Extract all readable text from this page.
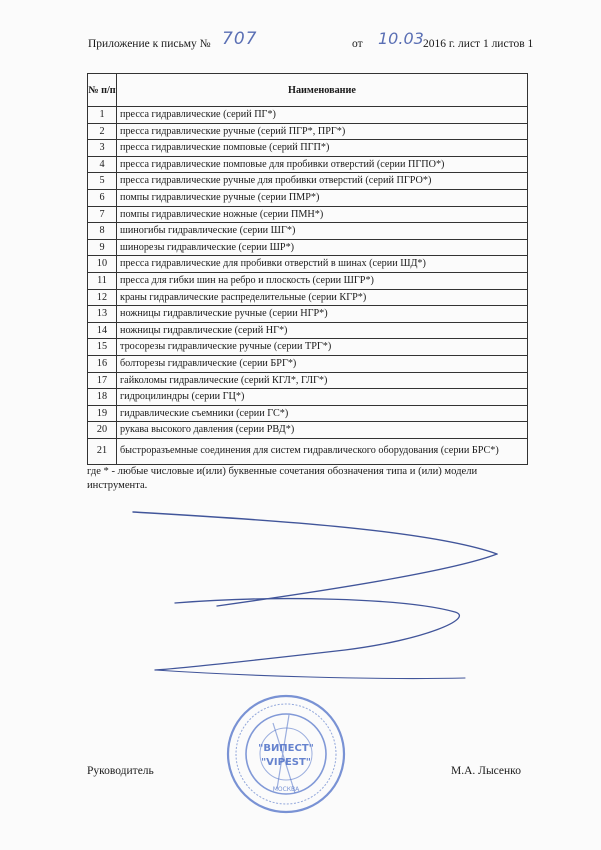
Приложение к письму № 707	от 10.03 2016 г. лист 1 листов 1
№ п/п	Наименование
1	пресса гидравлические (серий ПГ*)
2	пресса гидравлические ручные (серий ПГР*, ПРГ*)
3	пресса гидравлические помповые (серий ПГП*)
4	пресса гидравлические помповые для пробивки отверстий (серии ПГПО*)
5	пресса гидравлические ручные для пробивки отверстий (серий ПГРО*)
6	помпы гидравлические ручные (серии ПМР*)
7	помпы гидравлические ножные (серии ПМН*)
8	шиногибы гидравлические (серии ШГ*)
9	шинорезы гидравлические (серии ШР*)
10	пресса гидравлические для пробивки отверстий в шинах (серии ШД*)
11	пресса для гибки шин на ребро и плоскость (серии ШГР*)
12	краны гидравлические распределительные (серии КГР*)
13	ножницы гидравлические ручные (серии НГР*)
14	ножницы гидравлические (серий НГ*)
15	тросорезы гидравлические ручные (серии ТРГ*)
16	болторезы гидравлические (серии БРГ*)
17	гайколомы гидравлические (серий КГЛ*, ГЛГ*)
18	гидроцилиндры (серии ГЦ*)
19	гидравлические съемники (серии ГС*)
20	рукава высокого давления (серии РВД*)
21	быстроразъемные соединения для систем гидравлического оборудования (серии БРС*)
где * - любые числовые и(или) буквенные сочетания обозначения типа и (или) модели инструмента.
"ВИПЕСТ"
"VIPEST"
МОСКВА
Руководитель	М.А. Лысенко
